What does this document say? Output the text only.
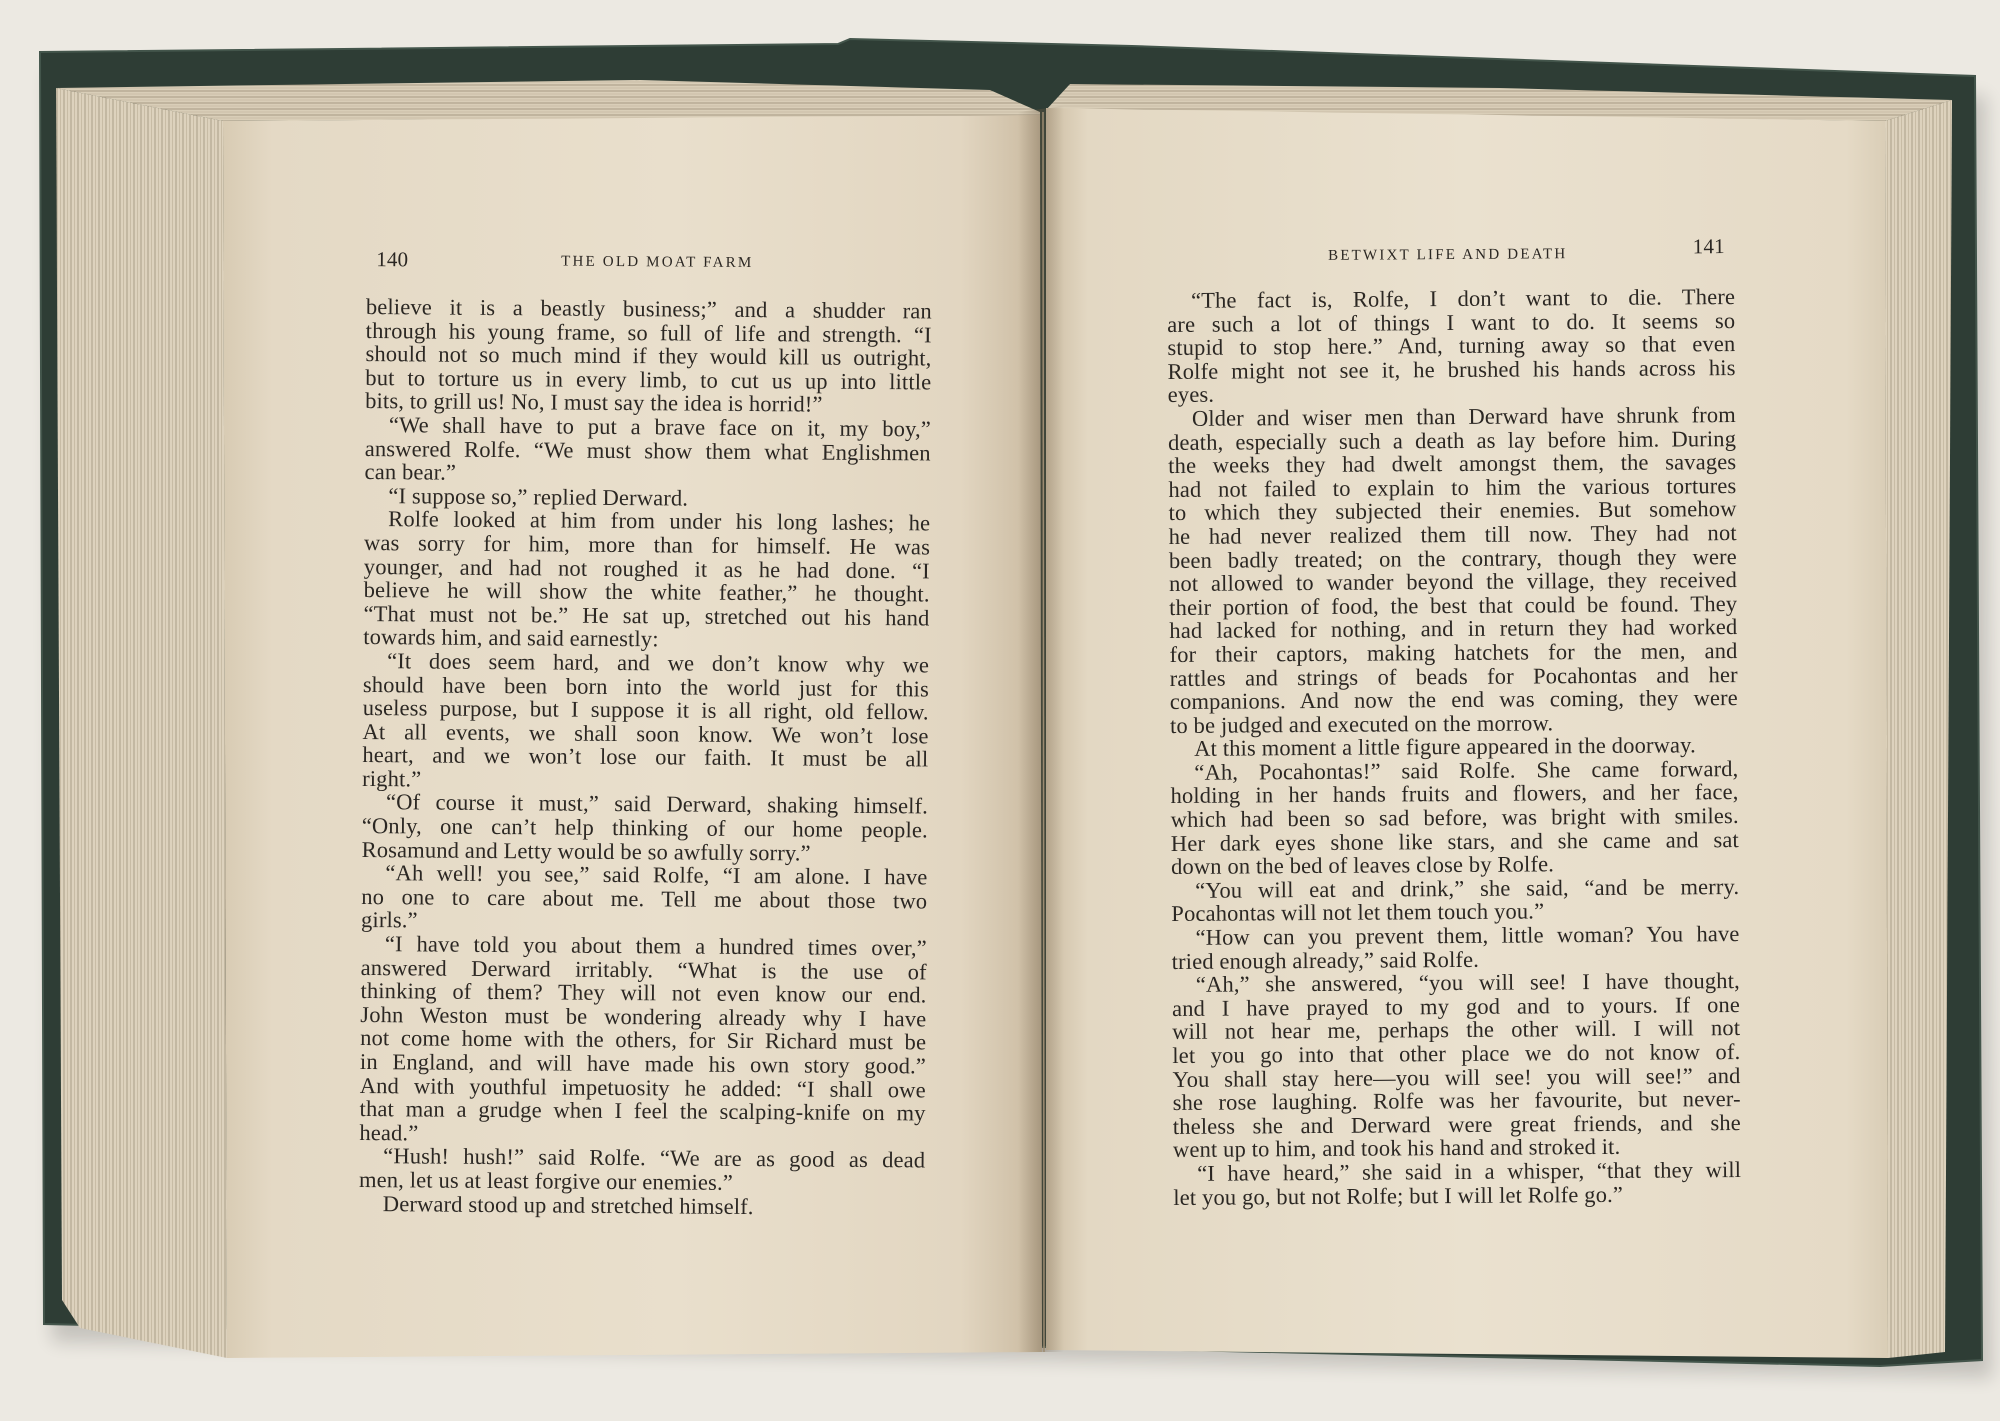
140	THE OLD MOAT FARM
believe it is a beastly business;” and a shudder ran
through his young frame, so full of life and strength. “I
should not so much mind if they would kill us outright,
but to torture us in every limb, to cut us up into little
bits, to grill us! No, I must say the idea is horrid!”
“We shall have to put a brave face on it, my boy,”
answered Rolfe. “We must show them what Englishmen
can bear.”
“I suppose so,” replied Derward.
Rolfe looked at him from under his long lashes; he
was sorry for him, more than for himself. He was
younger, and had not roughed it as he had done. “I
believe he will show the white feather,” he thought.
“That must not be.” He sat up, stretched out his hand
towards him, and said earnestly:
“It does seem hard, and we don’t know why we
should have been born into the world just for this
useless purpose, but I suppose it is all right, old fellow.
At all events, we shall soon know. We won’t lose
heart, and we won’t lose our faith. It must be all
right.”
“Of course it must,” said Derward, shaking himself.
“Only, one can’t help thinking of our home people.
Rosamund and Letty would be so awfully sorry.”
“Ah well! you see,” said Rolfe, “I am alone. I have
no one to care about me. Tell me about those two
girls.”
“I have told you about them a hundred times over,”
answered Derward irritably. “What is the use of
thinking of them? They will not even know our end.
John Weston must be wondering already why I have
not come home with the others, for Sir Richard must be
in England, and will have made his own story good.”
And with youthful impetuosity he added: “I shall owe
that man a grudge when I feel the scalping-knife on my
head.”
“Hush! hush!” said Rolfe. “We are as good as dead
men, let us at least forgive our enemies.”
Derward stood up and stretched himself.
BETWIXT LIFE AND DEATH	141
“The fact is, Rolfe, I don’t want to die. There
are such a lot of things I want to do. It seems so
stupid to stop here.” And, turning away so that even
Rolfe might not see it, he brushed his hands across his
eyes.
Older and wiser men than Derward have shrunk from
death, especially such a death as lay before him. During
the weeks they had dwelt amongst them, the savages
had not failed to explain to him the various tortures
to which they subjected their enemies. But somehow
he had never realized them till now. They had not
been badly treated; on the contrary, though they were
not allowed to wander beyond the village, they received
their portion of food, the best that could be found. They
had lacked for nothing, and in return they had worked
for their captors, making hatchets for the men, and
rattles and strings of beads for Pocahontas and her
companions. And now the end was coming, they were
to be judged and executed on the morrow.
At this moment a little figure appeared in the doorway.
“Ah, Pocahontas!” said Rolfe. She came forward,
holding in her hands fruits and flowers, and her face,
which had been so sad before, was bright with smiles.
Her dark eyes shone like stars, and she came and sat
down on the bed of leaves close by Rolfe.
“You will eat and drink,” she said, “and be merry.
Pocahontas will not let them touch you.”
“How can you prevent them, little woman? You have
tried enough already,” said Rolfe.
“Ah,” she answered, “you will see! I have thought,
and I have prayed to my god and to yours. If one
will not hear me, perhaps the other will. I will not
let you go into that other place we do not know of.
You shall stay here—you will see! you will see!” and
she rose laughing. Rolfe was her favourite, but never-
theless she and Derward were great friends, and she
went up to him, and took his hand and stroked it.
“I have heard,” she said in a whisper, “that they will
let you go, but not Rolfe; but I will let Rolfe go.”
